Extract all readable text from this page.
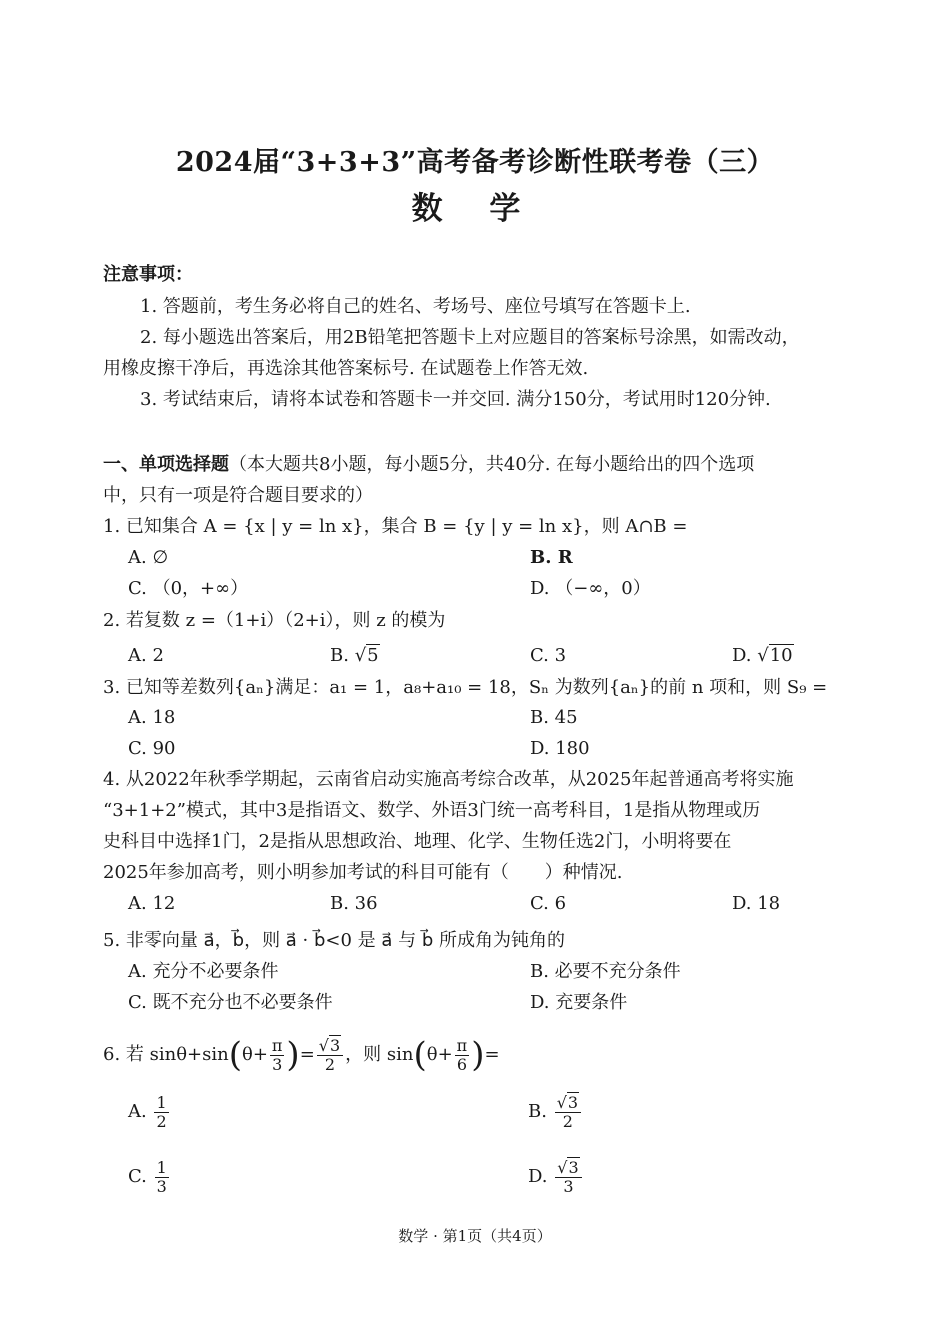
2024届“3+3+3”高考备考诊断性联考卷（三）
数 学
注意事项：
1. 答题前，考生务必将自己的姓名、考场号、座位号填写在答题卡上.
2. 每小题选出答案后，用2B铅笔把答题卡上对应题目的答案标号涂黑，如需改动，
用橡皮擦干净后，再选涂其他答案标号. 在试题卷上作答无效.
3. 考试结束后，请将本试卷和答题卡一并交回. 满分150分，考试用时120分钟.
一、单项选择题（本大题共8小题，每小题5分，共40分. 在每小题给出的四个选项
中，只有一项是符合题目要求的）
1. 已知集合 A = {x | y = ln x}，集合 B = {y | y = ln x}，则 A∩B =
A. ∅	B. R
C. （0，+∞）	D. （−∞，0）
2. 若复数 z =（1+i）（2+i），则 z 的模为
A. 2	B. √5	C. 3	D. √10
3. 已知等差数列{aₙ}满足：a₁ = 1，a₈+a₁₀ = 18，Sₙ 为数列{aₙ}的前 n 项和，则 S₉ =
A. 18	B. 45
C. 90	D. 180
4. 从2022年秋季学期起，云南省启动实施高考综合改革，从2025年起普通高考将实施
“3+1+2”模式，其中3是指语文、数学、外语3门统一高考科目，1是指从物理或历
史科目中选择1门，2是指从思想政治、地理、化学、生物任选2门，小明将要在
2025年参加高考，则小明参加考试的科目可能有（　　）种情况.
A. 12	B. 36	C. 6	D. 18
5. 非零向量 a⃗，b⃗，则 a⃗ · b⃗<0 是 a⃗ 与 b⃗ 所成角为钝角的
A. 充分不必要条件	B. 必要不充分条件
C. 既不充分也不必要条件	D. 充要条件
6. 若 $\sin\theta+\sin(\theta+ \frac{\pi}{3}$ )= $\frac{√3}{2}$ ，则 $\sin(\theta+ \frac{\pi}{6}$ )=
A. $\frac{1}{2}$	B. $\frac{√3}{2}$
C. $\frac{1}{3}$	D. $\frac{√3}{3}$
数学 · 第1页（共4页）
